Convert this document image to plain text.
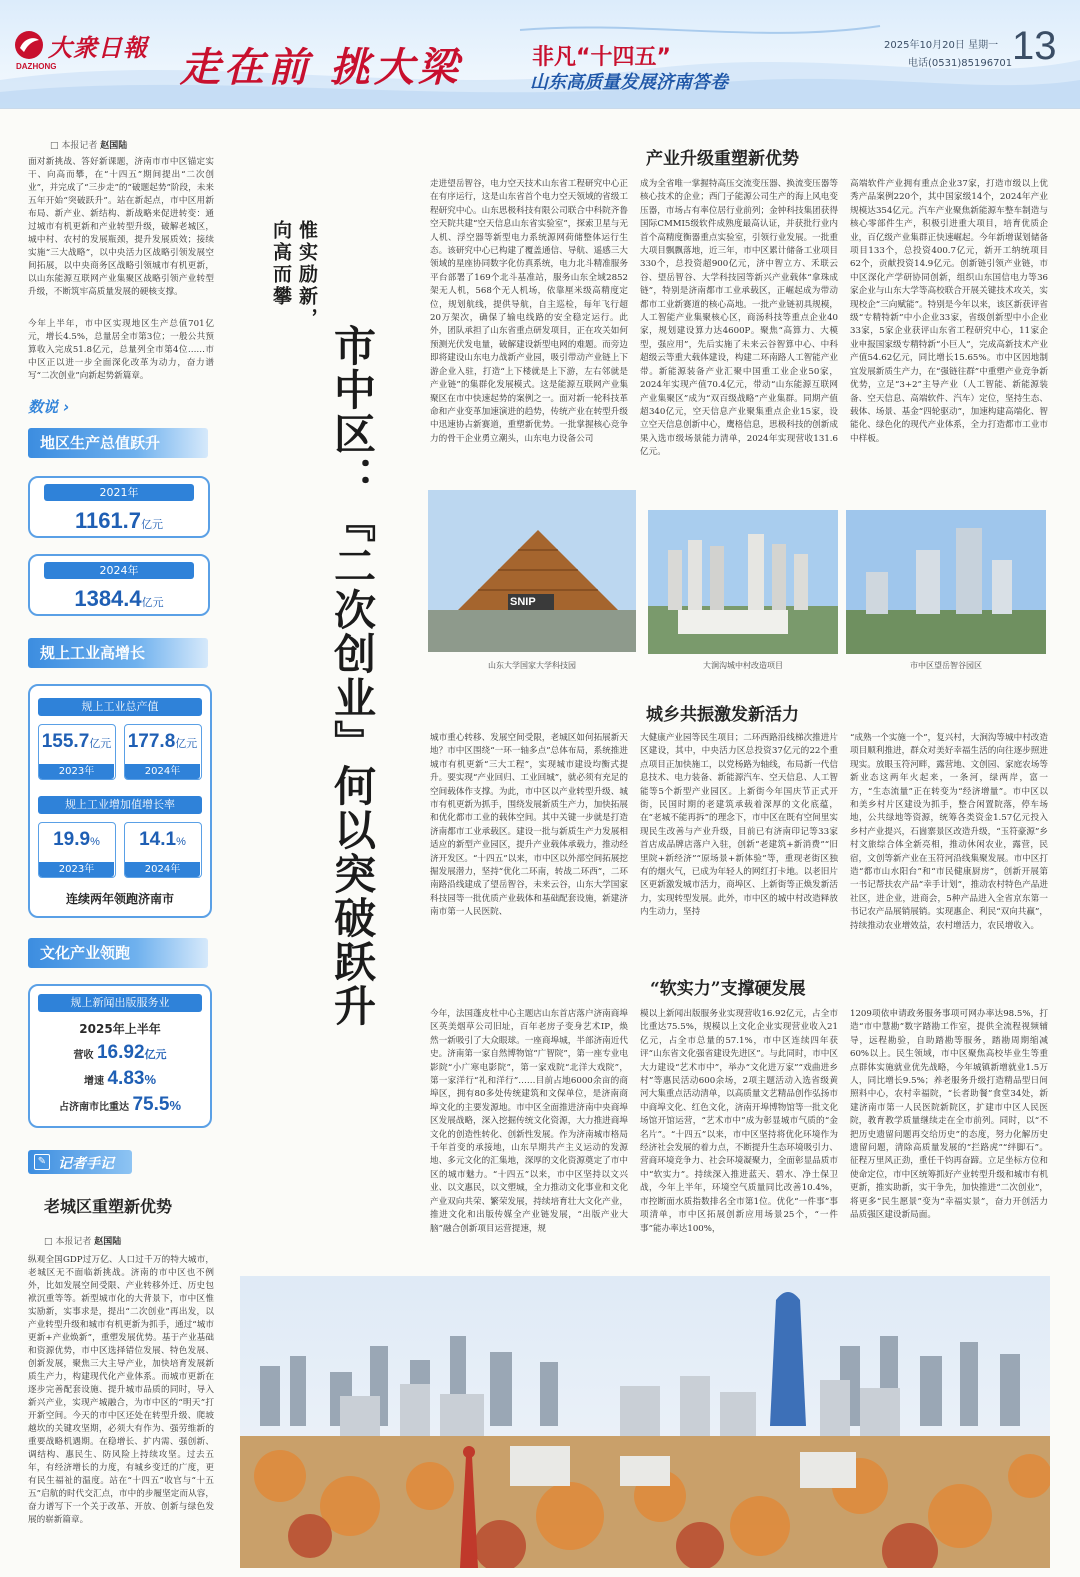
大衆日報
DAZHONG	走在前 挑大梁	非凡“十四五”
山东高质量发展济南答卷
2025年10月20日 星期一
电话(0531)85196701 13
□ 本报记者 赵国陆
面对新挑战、答好新课题，济南市市中区锚定实干、向高而攀，在“十四五”期间提出“二次创业”，并完成了“三步走”的“破题起势”阶段，未来五年开始“突破跃升”。站在新起点，市中区用新布局、新产业、新结构、新战略来促进转变：通过城市有机更新和产业转型升级，破解老城区，城中村、农村的发展瓶颈，提升发展质效；接续实施“三大战略”，以中央活力区战略引领发展空间拓展，以中央商务区战略引领城市有机更新，以山东能源互联网产业集聚区战略引领产业转型升级，不断筑牢高质量发展的硬核支撑。
今年上半年，市中区实现地区生产总值701亿元，增长4.5%，总量居全市第3位；一般公共预算收入完成51.8亿元，总量列全市第4位……市中区正以进一步全面深化改革为动力，奋力谱写“二次创业”向新起势新篇章。
数说 ›
地区生产总值跃升
2021年
1161.7亿元
2024年
1384.4亿元
规上工业高增长
规上工业总产值
155.7亿元
2023年
177.8亿元
2024年
规上工业增加值增长率
19.9%
2023年
14.1%
2024年
连续两年领跑济南市
文化产业领跑
规上新闻出版服务业
2025年上半年
营收 16.92亿元
增速 4.83%
占济南市比重达 75.5%
✎ 记者手记
老城区重塑新优势
□ 本报记者 赵国陆
纵观全国GDP过万亿、人口过千万的特大城市，老城区无不面临新挑战。济南的市中区也不例外，比如发展空间受限、产业转移外迁、历史包袱沉重等等。新型城市化的大背景下，市中区惟实励新，实事求是，提出“二次创业”再出发，以产业转型升级和城市有机更新为抓手，通过“城市更新+产业焕新”，重塑发展优势。基于产业基础和资源优势，市中区选择错位发展、特色发展、创新发展，聚焦三大主导产业，加快培育发展新质生产力，构建现代化产业体系。而城市更新在逐步完善配套设施、提升城市品质的同时，导入新兴产业，实现产城融合，为市中区的“明天”打开新空间。今天的市中区还处在转型升级、爬坡越坎的关键攻坚期，必须大有作为、强劳维新的重要战略机遇期。在稳增长、扩内需、强创新、调结构、惠民生、防风险上持续攻坚。过去五年，有经济增长的力度，有城乡变迁的广度，更有民生福祉的温度。站在“十四五”收官与“十五五”启航的时代交汇点，市中的步履坚定而从容，奋力谱写下一个关于改革、开放、创新与绿色发展的崭新篇章。
惟实励新，
向高而攀
市中区：『二次创业』何以突破跃升
产业升级重塑新优势
走进望岳智谷，电力空天技术山东省工程研究中心正在有序运行，这是山东省首个电力空天领域的省级工程研究中心。山东思极科技有限公司联合中科院齐鲁空天院共建“空天信息山东省实验室”，探索卫星与无人机、浮空器等新型电力系统源网荷储整体运行生态。该研究中心已构建了覆盖通信、导航、遥感三大领域的星座协同数字化仿真系统，电力北斗精准服务平台部署了169个北斗基准站，服务山东全域2852架无人机，568个无人机场，依靠厘米级高精度定位，规划航线，提供导航，自主巡检，每年飞行超20万架次，确保了输电线路的安全稳定运行。此外，团队承担了山东省重点研发项目，正在攻关如何预测光伏发电量，破解建设新型电网的难题。而旁边即将建设山东电力战新产业园，吸引带动产业链上下游企业入驻，打造“上下楼就是上下游，左右邻就是产业链”的集群化发展模式。这是能源互联网产业集聚区在市中快速起势的案例之一。面对新一轮科技革命和产业变革加速演进的趋势，传统产业在转型升级中迅速协占新赛道，重塑新优势。一批掌握核心竞争力的骨干企业勇立潮头，山东电力设备公司
成为全省唯一掌握特高压交流变压器、换流变压器等核心技术的企业；西门子能源公司生产的海上风电变压器，市场占有率位居行业前列；金钟科技集团获得国际CMMI5级软件成熟度最高认证，并获批行业内首个高精度衡器重点实验室，引领行业发展。一批重大项目飘飘落地，近三年，市中区累计储备工业项目330个，总投资超900亿元，济中智立方、禾联云谷、望岳智谷、大学科技园等新兴产业载体“拿珠成链”，特别是济南都市工业承载区，正崛起成为带动都市工业新赛道的核心高地。一批产业链初具规模，人工智能产业集聚核心区，商汤科技等重点企业40家，规划建设算力达4600P。聚焦“高算力、大模型，强应用”，先后实施了未来云谷智算中心、中科超级云等重大载体建设，构建二环南路人工智能产业带。新能源装备产业汇聚中国重工业企业50家，2024年实现产值70.4亿元，带动“山东能源互联网产业集聚区”成为“双百级战略”产业集群。同期产值超340亿元，空天信息产业聚集重点企业15家，设立空天信息创新中心，鹰格信息，思极科技的创新成果入选市级场景能力清单，2024年实现营收131.6亿元。
高端软件产业拥有重点企业37家，打造市级以上优秀产品案例220个，其中国家级14个，2024年产业规模达354亿元。汽车产业聚焦新能源车整车制造与核心零部件生产，积极引进重大项目，培育优质企业，百亿级产业集群正快速崛起。今年新增谋划储备项目133个，总投资400.7亿元，新开工纳统项目62个，贡献投资14.9亿元。创新链引领产业链，市中区深化产学研协同创新，组织山东国信电力等36家企业与山东大学等高校联合开展关键技术攻关，实现校企“三向赋能”。特别是今年以来，该区新获评省级“专精特新”中小企业33家，省级创新型中小企业33家，5家企业获评山东省工程研究中心，11家企业申报国家级专精特新“小巨人”，完成高新技术产业产值54.62亿元，同比增长15.65%。市中区因地制宜发展新质生产力，在“强链往群”中重塑产业竞争新优势，立足“3+2”主导产业（人工智能、新能源装备、空天信息、高端软件、汽车）定位，坚持生态、载体、场景、基金“四轮驱动”，加速构建高端化、智能化、绿色化的现代产业体系，全力打造都市工业市中样板。
SNIP
山东大学国家大学科技园	大涧沟城中村改造项目	市中区望岳智谷园区
城乡共振激发新活力
城市重心转移、发展空间受限，老城区如何拓展新天地？市中区围绕“一环一轴多点”总体布局，系统推进城市有机更新“三大工程”，实现城市建设均衡式提升。要实现“产业回归、工业回城”，就必须有充足的空间载体作支撑。为此，市中区以产业转型升级、城市有机更新为抓手，围绕发展新质生产力，加快拓展和优化都市工业的载体空间。其中关键一步就是打造济南都市工业承载区。建设一批与新质生产力发展相适应的新型产业园区，提升产业载体承载力，推动经济开发区。“十四五”以来，市中区以外部空间拓展挖掘发展潜力，坚持“优化二环南，转战二环西”，二环南路沿线建成了望岳智谷，未来云谷，山东大学国家科技园等一批优质产业载体和基础配套设施，新建济南市第一人民医院、
大健康产业园等民生项目；二环西路沿线梯次推进片区建设，其中，中央活力区总投资37亿元的22个重点项目正加快施工，以党杨路为轴线，布局新一代信息技术、电力装备、新能源汽车、空天信息、人工智能等5个新型产业园区。上新街今年国庆节正式开街，民国时期的老建筑承载着深厚的文化底蕴，在“老城不能再拆”的理念下，市中区在既有空间里实现民生改善与产业升级，目前已有济南印记等33家首店成品牌店落户入驻，创新“老建筑+新消费”“旧里院+新经济”“原场景+新体验”等，重现老街区独有的烟火气，已成为年轻人的网红打卡地。以老旧片区更新激发城市活力，商埠区、上新街等正焕发新活力，实现转型发展。此外，市中区的城中村改造释放内生动力，坚持
“成熟一个实施一个”，复兴村，大涧沟等城中村改造项目顺利推进，群众对美好幸福生活的向往逐步照进现实。放眼玉符河畔，露营地、文创园、家庭农场等新业态这两年火起来，一条河，绿两岸，富一方，“生态流量”正在转变为“经济增量”。市中区以和美乡村片区建设为抓手，整合闲置院落，停车场地，公共绿地等资源，统筹各类资金1.57亿元投入乡村产业提兴，石崮寨景区改造升级，“玉符豪源”乡村文旅综合体全新亮相，推动休闲农业，露营，民宿，文创等新产业在玉符河沿线集聚发展。市中区打造“都市山水阳台”和“市民健康厨房”，创新开展第一书记帮扶农产品“幸手计划”，推动农村特色产品进社区，进企业，进商会，5种产品进入全省京东第一书记农产品展销展销。实现惠企、利民“双向共赢”，持续推动农业增效益，农村增活力，农民增收入。
“软实力”支撑硬发展
今年，法国蓬皮杜中心主题店山东首店落户济南商埠区英美烟草公司旧址，百年老房子变身艺术IP，焕然一新吸引了大众眼球。一座商埠城，半部济南近代史。济南第一家自然博物馆“广智院”，第一座专业电影院“小广寒电影院”，第一家戏院“北洋大戏院”，第一家洋行“礼和洋行”……目前占地6000余亩的商埠区，拥有80多处传统建筑和文保单位，是济南商埠文化的主要发源地。市中区全面推进济南中央商埠区发展战略，深入挖掘传统文化资源，大力推进商埠文化的创造性转化、创新性发展。作为济南城市格局千年首变的承接地，山东早期共产主义运动的发源地、多元文化的汇集地，深厚的文化资源奠定了市中区的城市魅力。“十四五”以来，市中区坚持以文兴业、以文惠民，以文塑城，全力推动文化事业和文化产业双向共荣、繁荣发展，持续培育壮大文化产业，推进文化和出版传媒全产业链发展，“出版产业大脑”融合创新项目运营提速，规
模以上新闻出版服务业实现营收16.92亿元，占全市比重达75.5%，规模以上文化企业实现营业收入21亿元，占全市总量的57.1%，市中区连续四年获评“山东省文化强省建设先进区”。与此同时，市中区大力建设“艺术市中”，举办“文化进万家”“戏曲进乡村”等惠民活动600余场，2项主题活动入选省级黄河大集重点活动清单，以高质量文艺精品创作弘扬市中商埠文化、红色文化，济南开埠博物馆等一批文化场馆开馆运营，“艺术市中”成为彰显城市气质的“金名片”。“十四五”以来，市中区坚持将优化环境作为经济社会发展的着力点，不断提升生态环境吸引力、营商环境竞争力、社会环境凝聚力，全面彰显品质市中“软实力”。持续深入推进蓝天、碧水、净土保卫战，今年上半年，环境空气质量同比改善10.4%，市控断面水质指数排名全市第1位。优化“一件事”事项清单，市中区拓展创新应用场景25个，“一件事”能办率达100%，
1209项依申请政务服务事项可网办率达98.5%，打造“市中慧勘”数字踏勘工作室，提供全流程视频辅导，远程勘验，自助踏勘等服务，踏勘周期缩减60%以上。民生领域，市中区聚焦高校毕业生等重点群体实施就业优先战略，今年城镇新增就业1.5万人，同比增长9.5%；养老服务升级打造精品型日间照料中心，农村幸福院，“长者助餐”食堂34处，新建济南市第一人民医院新院区，扩建市中区人民医院，教育教学质量继续走在全市前列。同时，以“不把历史遗留问题再交给历史”的态度，努力化解历史遗留问题，清除高质量发展的“拦路虎”“绊脚石”。征程万里风正劲，重任千钧再奋蹄。立足坐标方位和使命定位，市中区统筹抓好产业转型升级和城市有机更新，推实助新，实干争先，加快推进“二次创业”，将更多“民生愿景”变为“幸福实景”，奋力开创活力品质强区建设新局面。
